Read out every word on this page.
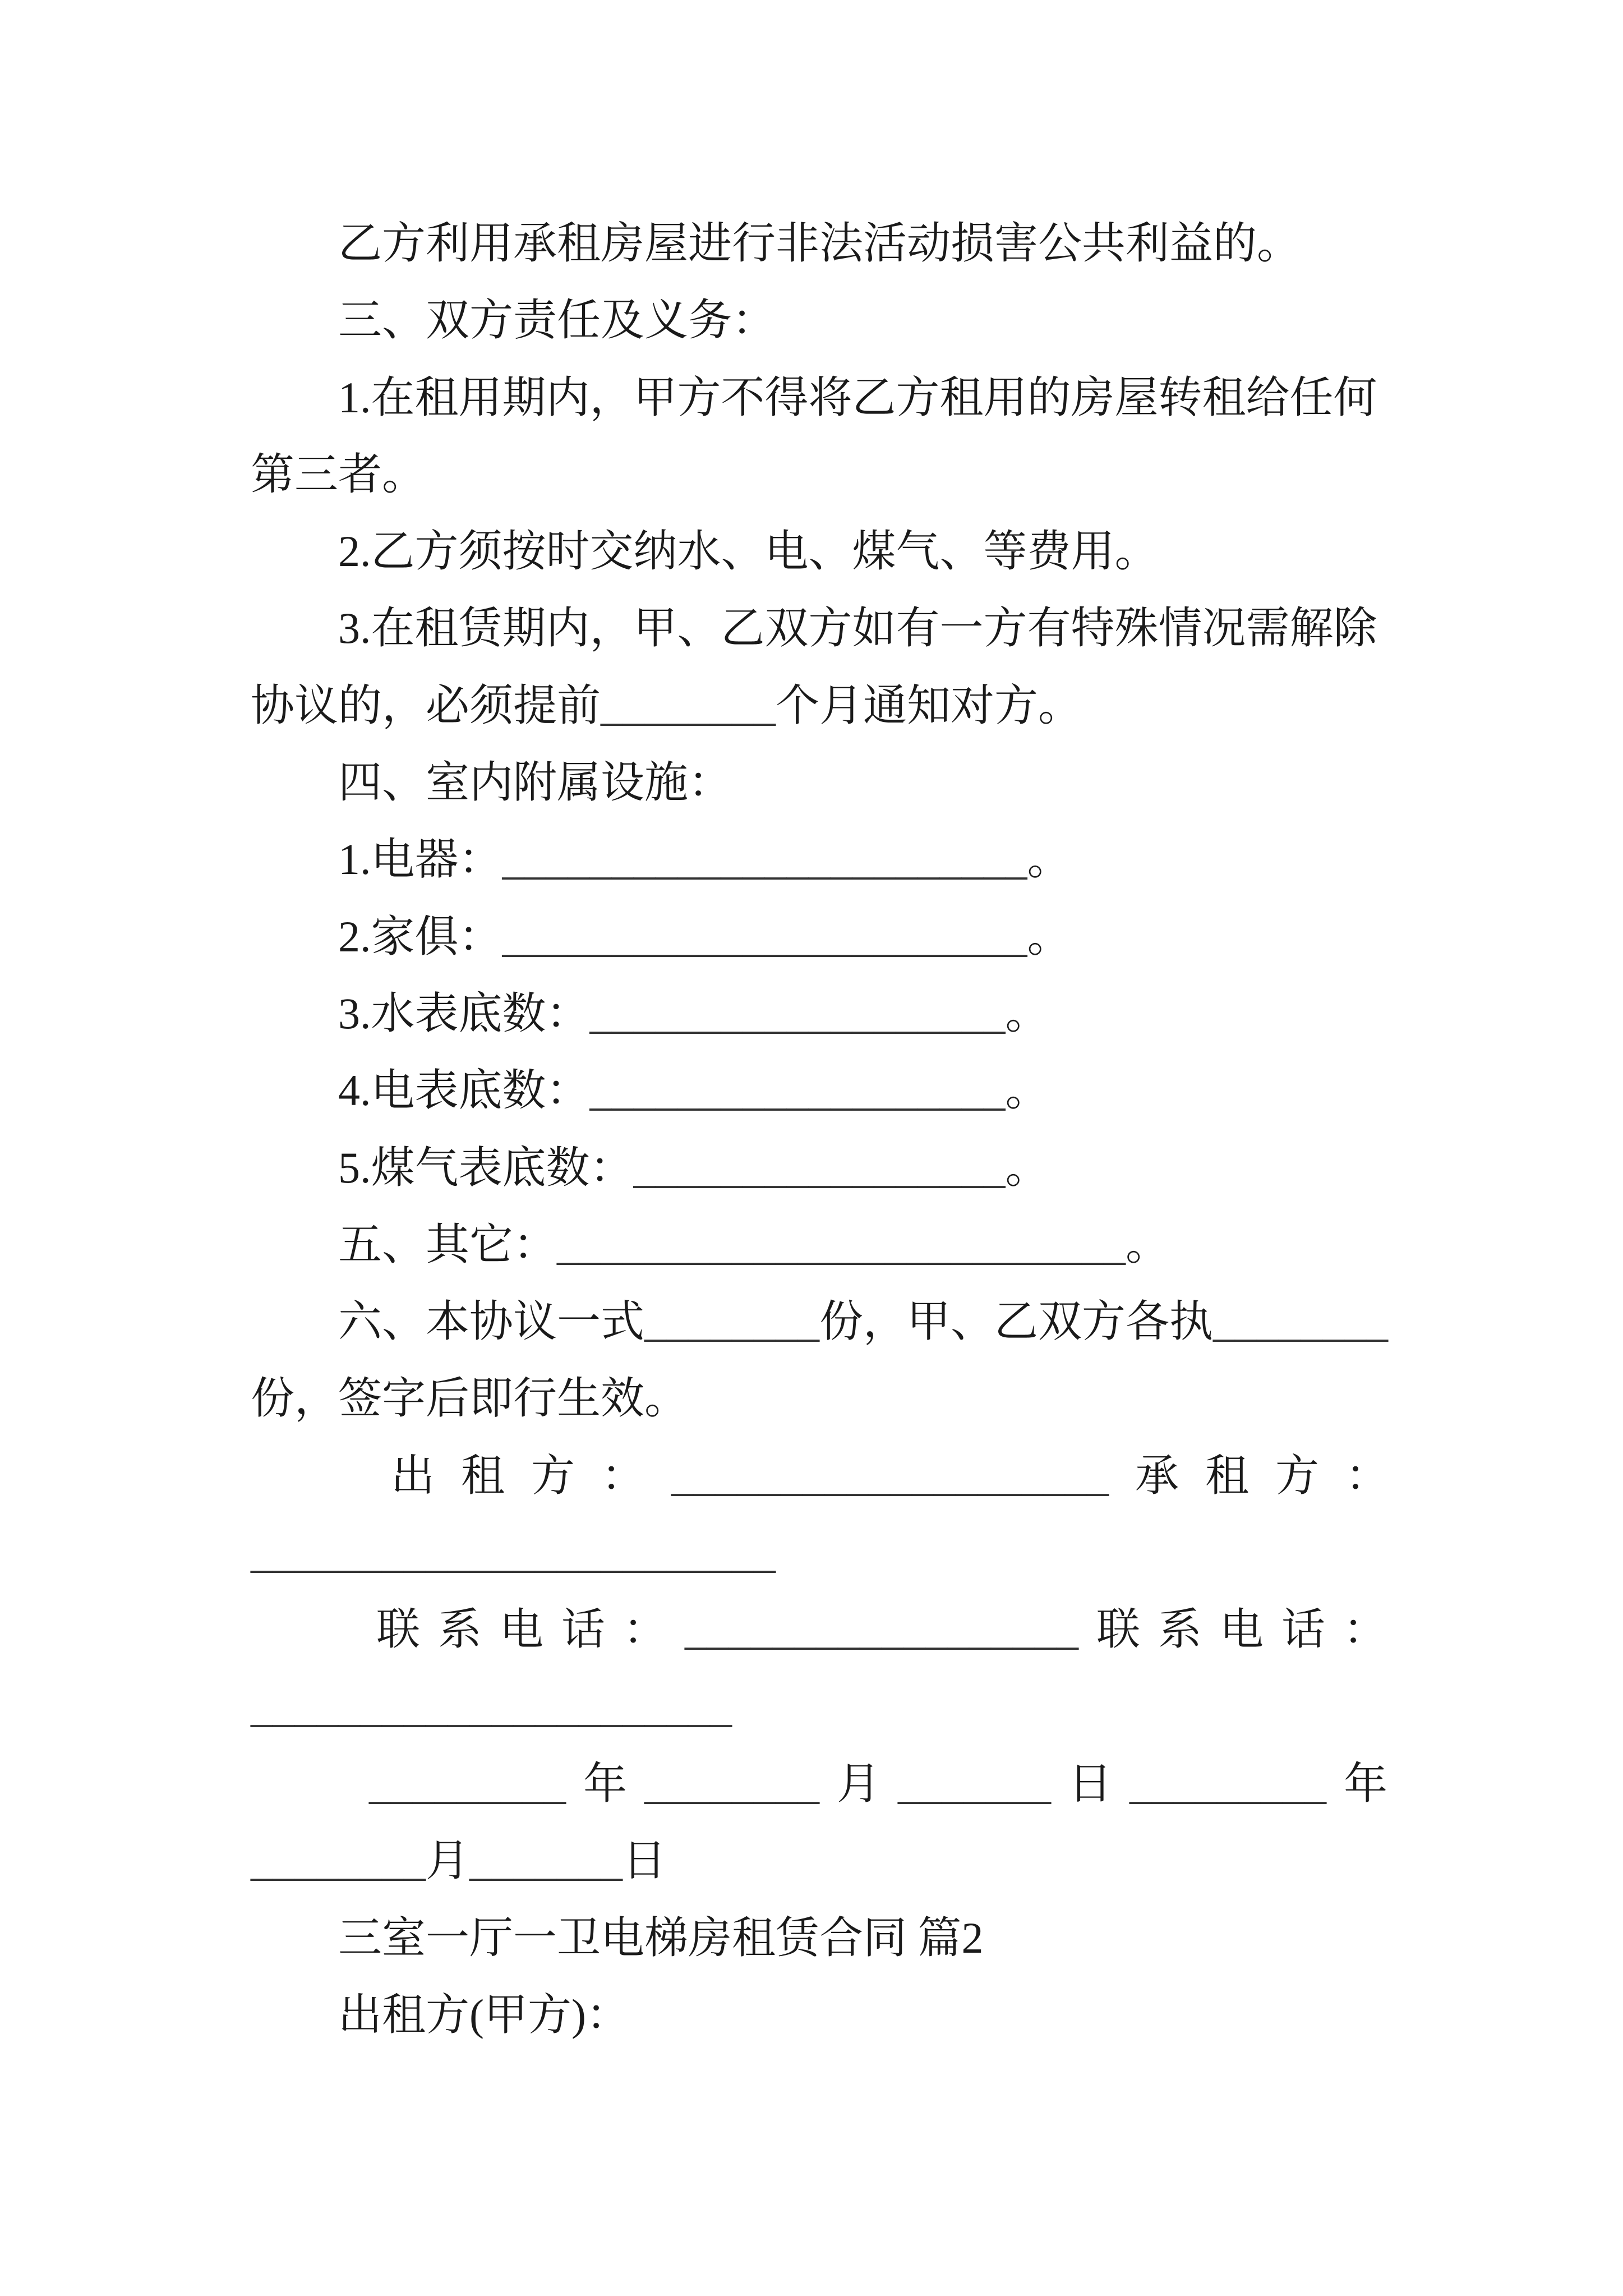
乙方利用承租房屋进行非法活动损害公共利益的。
三、双方责任及义务：
1.在租用期内，甲方不得将乙方租用的房屋转租给任何
第三者。
2.乙方须按时交纳水、电、煤气、等费用。
3.在租赁期内，甲、乙双方如有一方有特殊情况需解除
协议的，必须提前________个月通知对方。
四、室内附属设施：
1.电器：________________________。
2.家俱：________________________。
3.水表底数：___________________。
4.电表底数：___________________。
5.煤气表底数：_________________。
五、其它：__________________________。
六、本协议一式________份，甲、乙双方各执________
份，签字后即行生效。
出租方：____________________ 承租方：
________________________
联系电话：__________________ 联系电话：
______________________
_________ 年 ________ 月 _______ 日 _________ 年
________ 月 _______ 日
三室一厅一卫电梯房租赁合同 篇2
出租方(甲方)：
